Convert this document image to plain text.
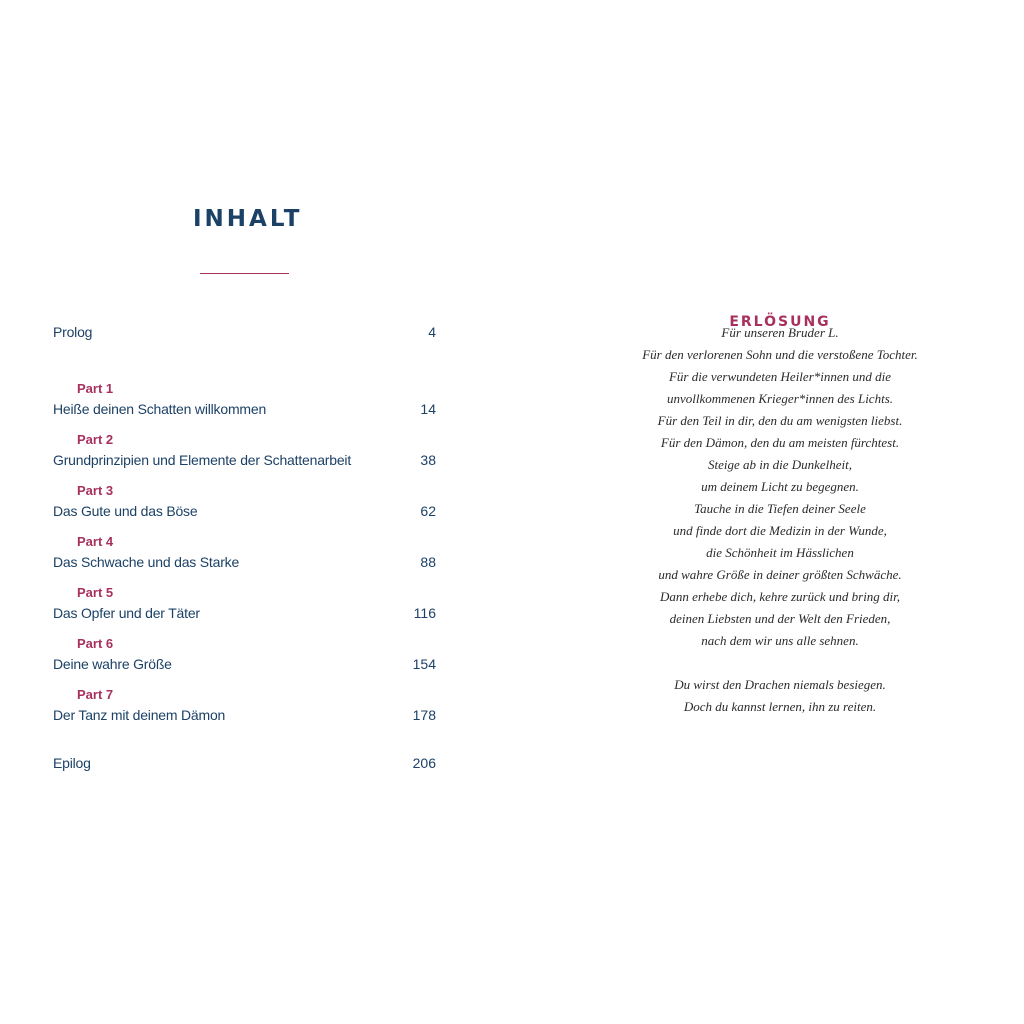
INHALT
Prolog	4
Part 1
Heiße deinen Schatten willkommen	14
Part 2
Grundprinzipien und Elemente der Schattenarbeit	38
Part 3
Das Gute und das Böse	62
Part 4
Das Schwache und das Starke	88
Part 5
Das Opfer und der Täter	116
Part 6
Deine wahre Größe	154
Part 7
Der Tanz mit deinem Dämon	178
Epilog	206
ERLÖSUNG
Für unseren Bruder L.
Für den verlorenen Sohn und die verstoßene Tochter.
Für die verwundeten Heiler*innen und die
unvollkommenen Krieger*innen des Lichts.
Für den Teil in dir, den du am wenigsten liebst.
Für den Dämon, den du am meisten fürchtest.
Steige ab in die Dunkelheit,
um deinem Licht zu begegnen.
Tauche in die Tiefen deiner Seele
und finde dort die Medizin in der Wunde,
die Schönheit im Hässlichen
und wahre Größe in deiner größten Schwäche.
Dann erhebe dich, kehre zurück und bring dir,
deinen Liebsten und der Welt den Frieden,
nach dem wir uns alle sehnen.
Du wirst den Drachen niemals besiegen.
Doch du kannst lernen, ihn zu reiten.
